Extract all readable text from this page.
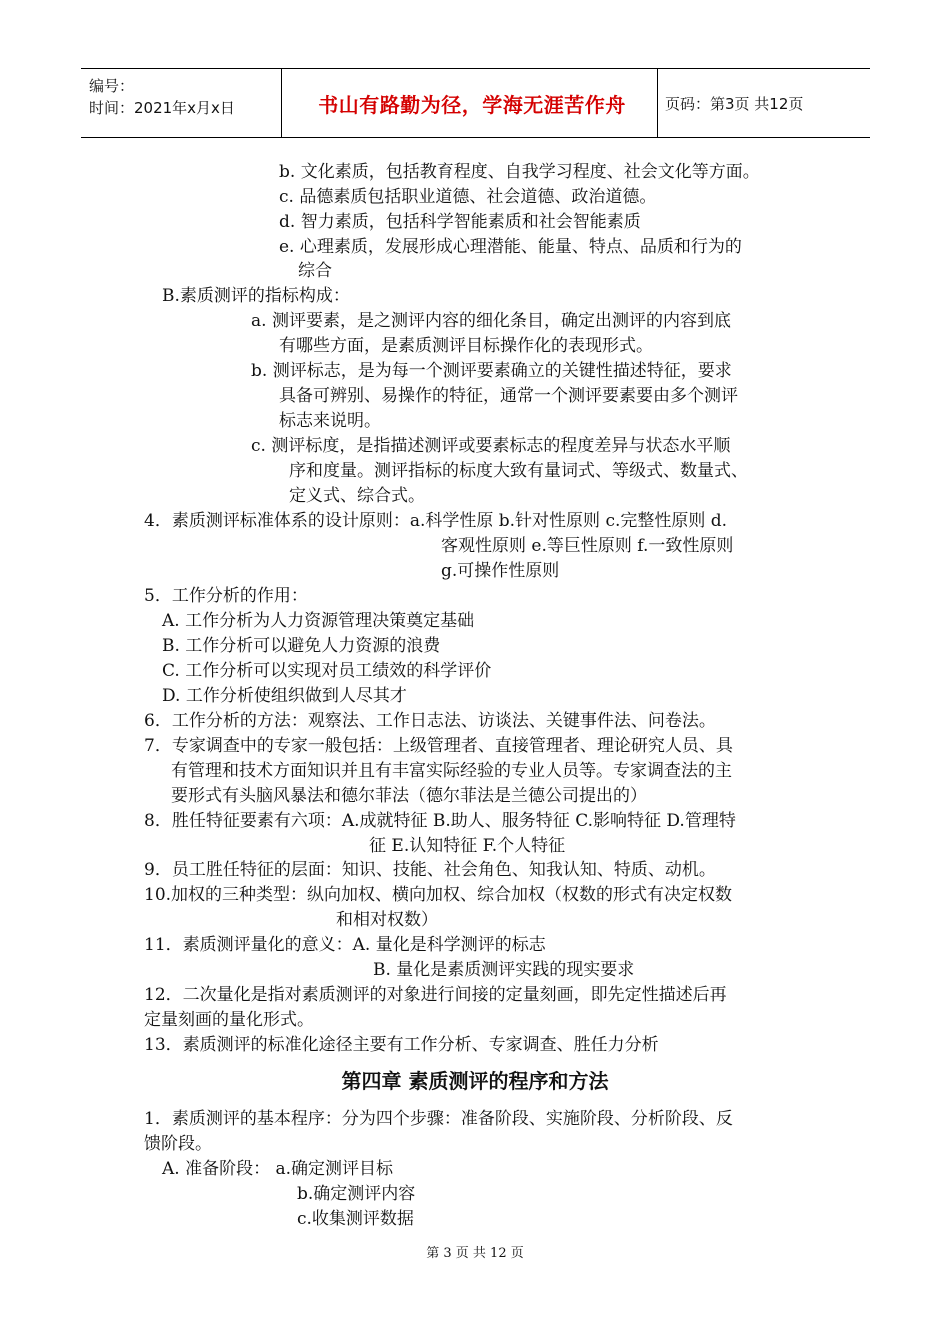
编号：
时间：2021年x月x日	书山有路勤为径，学海无涯苦作舟	页码：第3页 共12页
b. 文化素质，包括教育程度、自我学习程度、社会文化等方面。
c. 品德素质包括职业道德、社会道德、政治道德。
d. 智力素质，包括科学智能素质和社会智能素质
e. 心理素质，发展形成心理潜能、能量、特点、品质和行为的
综合
B.素质测评的指标构成：
a. 测评要素，是之测评内容的细化条目，确定出测评的内容到底
有哪些方面，是素质测评目标操作化的表现形式。
b. 测评标志，是为每一个测评要素确立的关键性描述特征，要求
具备可辨别、易操作的特征，通常一个测评要素要由多个测评
标志来说明。
c. 测评标度，是指描述测评或要素标志的程度差异与状态水平顺
序和度量。测评指标的标度大致有量词式、等级式、数量式、
定义式、综合式。
4．素质测评标准体系的设计原则：a.科学性原 b.针对性原则 c.完整性原则 d.
客观性原则 e.等巨性原则 f.一致性原则
g.可操作性原则
5．工作分析的作用：
A. 工作分析为人力资源管理决策奠定基础
B. 工作分析可以避免人力资源的浪费
C. 工作分析可以实现对员工绩效的科学评价
D. 工作分析使组织做到人尽其才
6．工作分析的方法：观察法、工作日志法、访谈法、关键事件法、问卷法。
7．专家调查中的专家一般包括：上级管理者、直接管理者、理论研究人员、具
有管理和技术方面知识并且有丰富实际经验的专业人员等。专家调查法的主
要形式有头脑风暴法和德尔菲法（德尔菲法是兰德公司提出的）
8．胜任特征要素有六项：A.成就特征 B.助人、服务特征 C.影响特征 D.管理特
征 E.认知特征 F.个人特征
9．员工胜任特征的层面：知识、技能、社会角色、知我认知、特质、动机。
10.加权的三种类型：纵向加权、横向加权、综合加权（权数的形式有决定权数
和相对权数）
11．素质测评量化的意义：A. 量化是科学测评的标志
B. 量化是素质测评实践的现实要求
12．二次量化是指对素质测评的对象进行间接的定量刻画，即先定性描述后再
定量刻画的量化形式。
13．素质测评的标准化途径主要有工作分析、专家调查、胜任力分析
第四章 素质测评的程序和方法
1．素质测评的基本程序：分为四个步骤：准备阶段、实施阶段、分析阶段、反
馈阶段。
A. 准备阶段： a.确定测评目标
b.确定测评内容
c.收集测评数据
第 3 页 共 12 页
